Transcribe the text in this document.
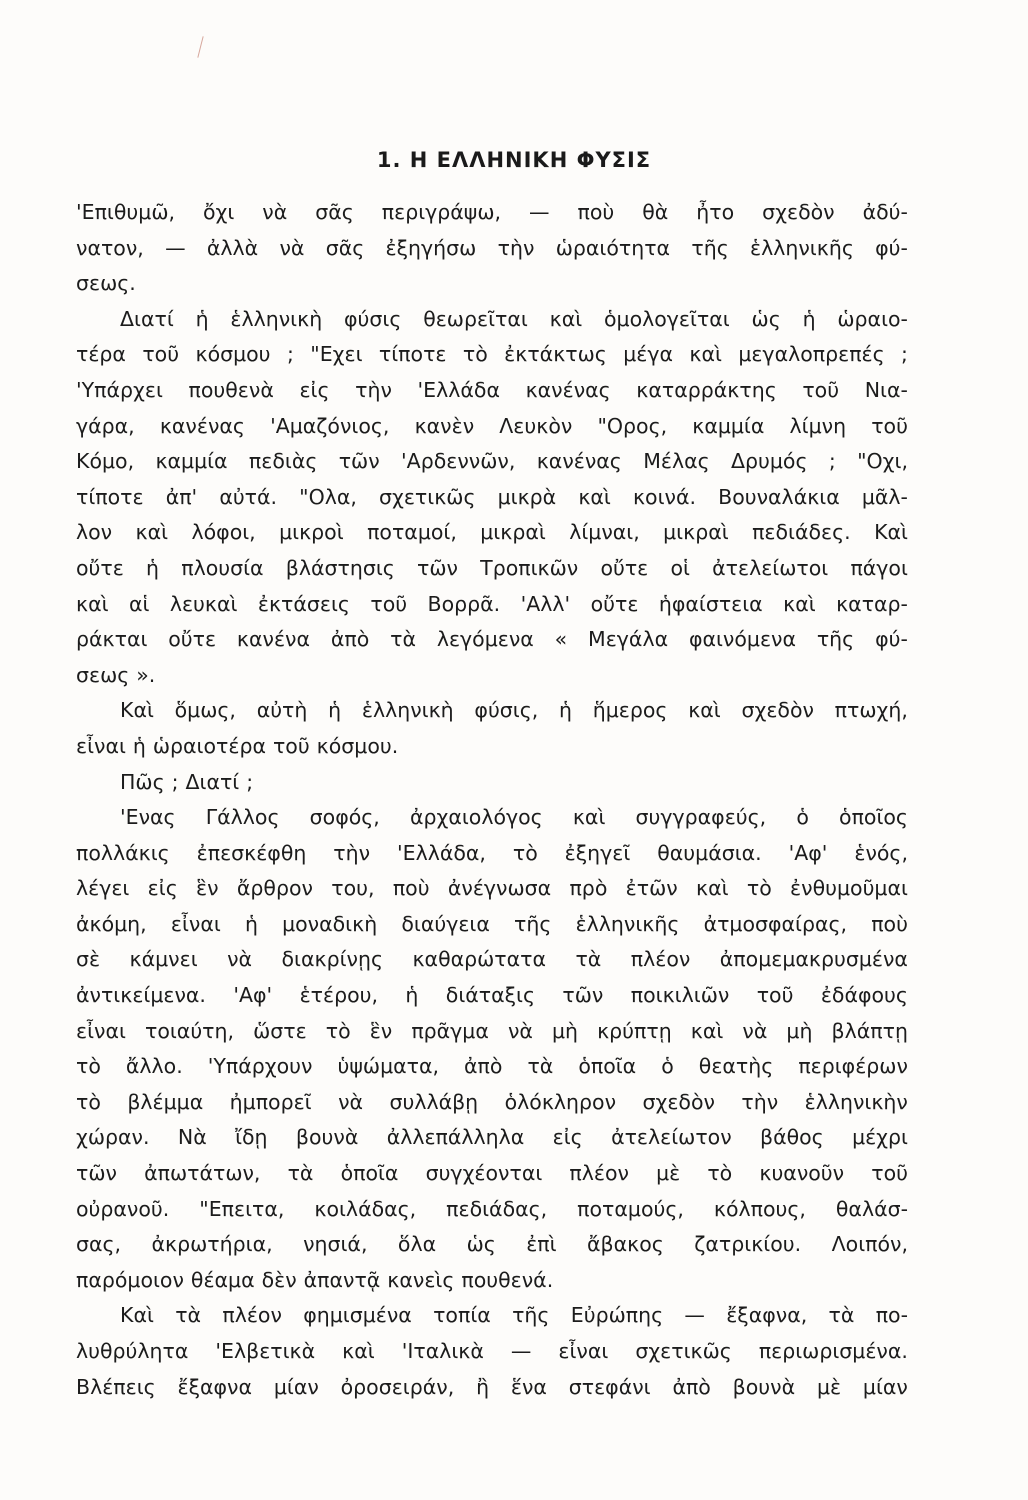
1. Η ΕΛΛΗΝΙΚΗ ΦΥΣΙΣ
'Επιθυμῶ, ὄχι νὰ σᾶς περιγράψω, — ποὺ θὰ ἦτο σχεδὸν ἀδύ-
νατον, — ἀλλὰ νὰ σᾶς ἐξηγήσω τὴν ὡραιότητα τῆς ἑλληνικῆς φύ-
σεως.
Διατί ἡ ἑλληνικὴ φύσις θεωρεῖται καὶ ὁμολογεῖται ὡς ἡ ὡραιο-
τέρα τοῦ κόσμου ; "Εχει τίποτε τὸ ἐκτάκτως μέγα καὶ μεγαλοπρεπές ;
'Υπάρχει πουθενὰ εἰς τὴν 'Ελλάδα κανένας καταρράκτης τοῦ Νια-
γάρα, κανένας 'Αμαζόνιος, κανὲν Λευκὸν "Ορος, καμμία λίμνη τοῦ
Κόμο, καμμία πεδιὰς τῶν 'Αρδεννῶν, κανένας Μέλας Δρυμός ; "Οχι,
τίποτε ἀπ' αὐτά. "Ολα, σχετικῶς μικρὰ καὶ κοινά. Βουναλάκια μᾶλ-
λον καὶ λόφοι, μικροὶ ποταμοί, μικραὶ λίμναι, μικραὶ πεδιάδες. Καὶ
οὔτε ἡ πλουσία βλάστησις τῶν Τροπικῶν οὔτε οἱ ἀτελείωτοι πάγοι
καὶ αἱ λευκαὶ ἐκτάσεις τοῦ Βορρᾶ. 'Αλλ' οὔτε ἡφαίστεια καὶ καταρ-
ράκται οὔτε κανένα ἀπὸ τὰ λεγόμενα « Μεγάλα φαινόμενα τῆς φύ-
σεως ».
Καὶ ὅμως, αὐτὴ ἡ ἑλληνικὴ φύσις, ἡ ἥμερος καὶ σχεδὸν πτωχή,
εἶναι ἡ ὡραιοτέρα τοῦ κόσμου.
Πῶς ; Διατί ;
'Ενας Γάλλος σοφός, ἀρχαιολόγος καὶ συγγραφεύς, ὁ ὁποῖος
πολλάκις ἐπεσκέφθη τὴν 'Ελλάδα, τὸ ἐξηγεῖ θαυμάσια. 'Αφ' ἑνός,
λέγει εἰς ἓν ἄρθρον του, ποὺ ἀνέγνωσα πρὸ ἐτῶν καὶ τὸ ἐνθυμοῦμαι
ἀκόμη, εἶναι ἡ μοναδικὴ διαύγεια τῆς ἑλληνικῆς ἀτμοσφαίρας, ποὺ
σὲ κάμνει νὰ διακρίνῃς καθαρώτατα τὰ πλέον ἀπομεμακρυσμένα
ἀντικείμενα. 'Αφ' ἑτέρου, ἡ διάταξις τῶν ποικιλιῶν τοῦ ἐδάφους
εἶναι τοιαύτη, ὥστε τὸ ἓν πρᾶγμα νὰ μὴ κρύπτῃ καὶ νὰ μὴ βλάπτῃ
τὸ ἄλλο. 'Υπάρχουν ὑψώματα, ἀπὸ τὰ ὁποῖα ὁ θεατὴς περιφέρων
τὸ βλέμμα ἠμπορεῖ νὰ συλλάβῃ ὁλόκληρον σχεδὸν τὴν ἑλληνικὴν
χώραν. Νὰ ἴδῃ βουνὰ ἀλλεπάλληλα εἰς ἀτελείωτον βάθος μέχρι
τῶν ἀπωτάτων, τὰ ὁποῖα συγχέονται πλέον μὲ τὸ κυανοῦν τοῦ
οὐρανοῦ. "Επειτα, κοιλάδας, πεδιάδας, ποταμούς, κόλπους, θαλάσ-
σας, ἀκρωτήρια, νησιά, ὅλα ὡς ἐπὶ ἄβακος ζατρικίου. Λοιπόν,
παρόμοιον θέαμα δὲν ἀπαντᾷ κανεὶς πουθενά.
Καὶ τὰ πλέον φημισμένα τοπία τῆς Εὐρώπης — ἔξαφνα, τὰ πο-
λυθρύλητα 'Ελβετικὰ καὶ 'Ιταλικὰ — εἶναι σχετικῶς περιωρισμένα.
Βλέπεις ἔξαφνα μίαν ὀροσειράν, ἢ ἕνα στεφάνι ἀπὸ βουνὰ μὲ μίαν
